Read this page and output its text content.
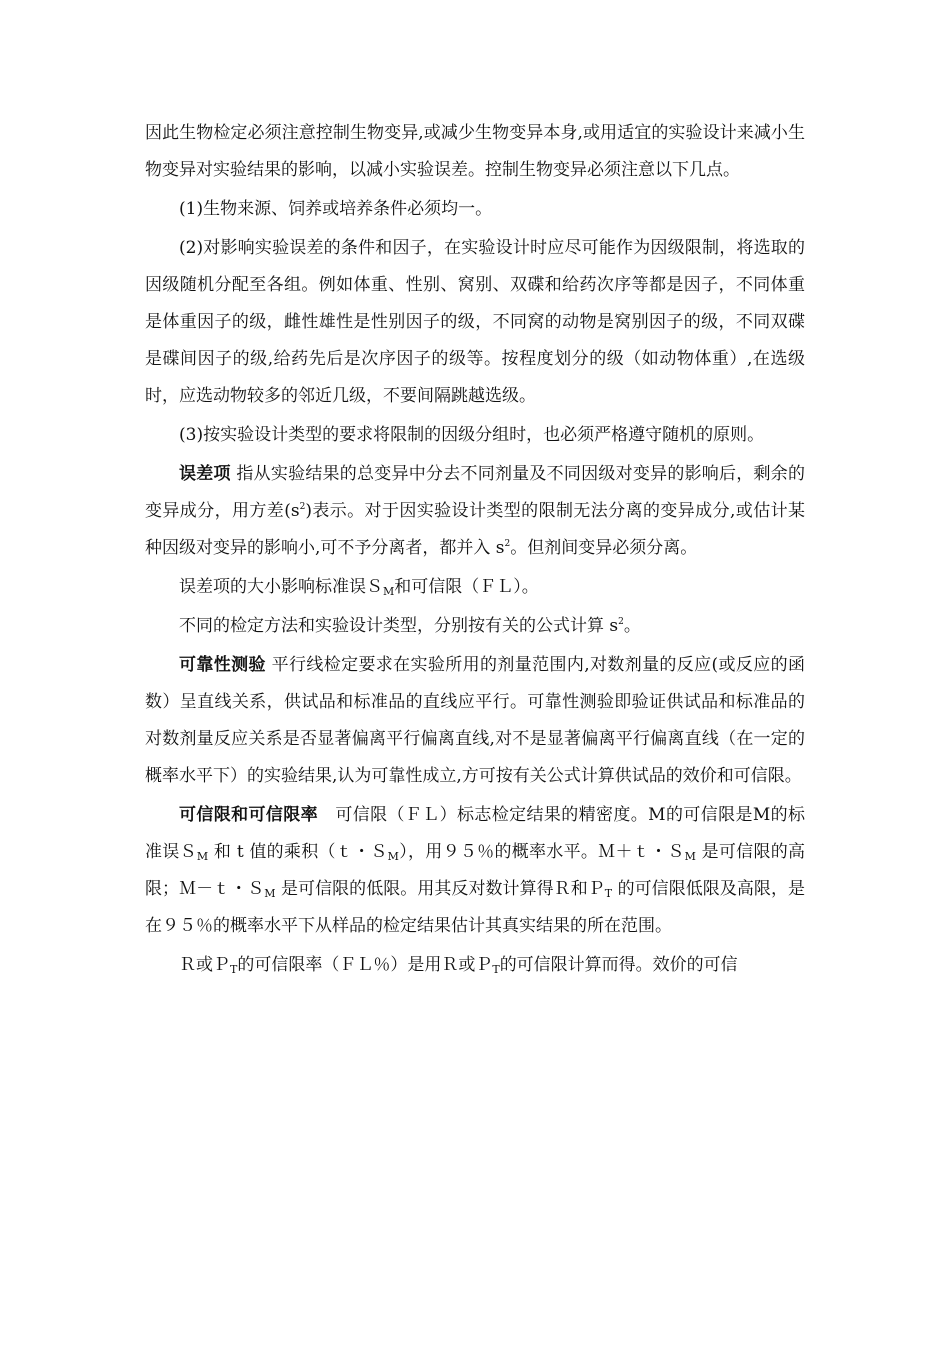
因此生物检定必须注意控制生物变异,或减少生物变异本身,或用适宜的实验设计来减小生物变异对实验结果的影响，以减小实验误差。控制生物变异必须注意以下几点。

(1)生物来源、饲养或培养条件必须均一。

(2)对影响实验误差的条件和因子，在实验设计时应尽可能作为因级限制，将选取的因级随机分配至各组。例如体重、性别、窝别、双碟和给药次序等都是因子，不同体重是体重因子的级，雌性雄性是性别因子的级，不同窝的动物是窝别因子的级，不同双碟是碟间因子的级,给药先后是次序因子的级等。按程度划分的级（如动物体重）,在选级时，应选动物较多的邻近几级，不要间隔跳越选级。

(3)按实验设计类型的要求将限制的因级分组时，也必须严格遵守随机的原则。

误差项 指从实验结果的总变异中分去不同剂量及不同因级对变异的影响后，剩余的变异成分，用方差$(s^2)$表示。对于因实验设计类型的限制无法分离的变异成分,或估计某种因级对变异的影响小,可不予分离者，都并入 $s^2$。但剂间变异必须分离。

误差项的大小影响标准误Ｓ$_M$和可信限（ＦＬ）。

不同的检定方法和实验设计类型，分别按有关的公式计算 $s^2$。

可靠性测验 平行线检定要求在实验所用的剂量范围内,对数剂量的反应(或反应的函数）呈直线关系，供试品和标准品的直线应平行。可靠性测验即验证供试品和标准品的对数剂量反应关系是否显著偏离平行偏离直线,对不是显著偏离平行偏离直线（在一定的概率水平下）的实验结果,认为可靠性成立,方可按有关公式计算供试品的效价和可信限。

可信限和可信限率　可信限（ＦＬ）标志检定结果的精密度。M的可信限是M的标准误Ｓ$_M$ 和 t 值的乘积（ｔ・Ｓ$_M$），用９５％的概率水平。Ｍ＋ｔ・Ｓ$_M$ 是可信限的高限；Ｍ－ｔ・Ｓ$_M$ 是可信限的低限。用其反对数计算得Ｒ和Ｐ$_T$ 的可信限低限及高限，是在９５％的概率水平下从样品的检定结果估计其真实结果的所在范围。

Ｒ或Ｐ$_T$的可信限率（ＦＬ％）是用Ｒ或Ｐ$_T$的可信限计算而得。效价的可信
